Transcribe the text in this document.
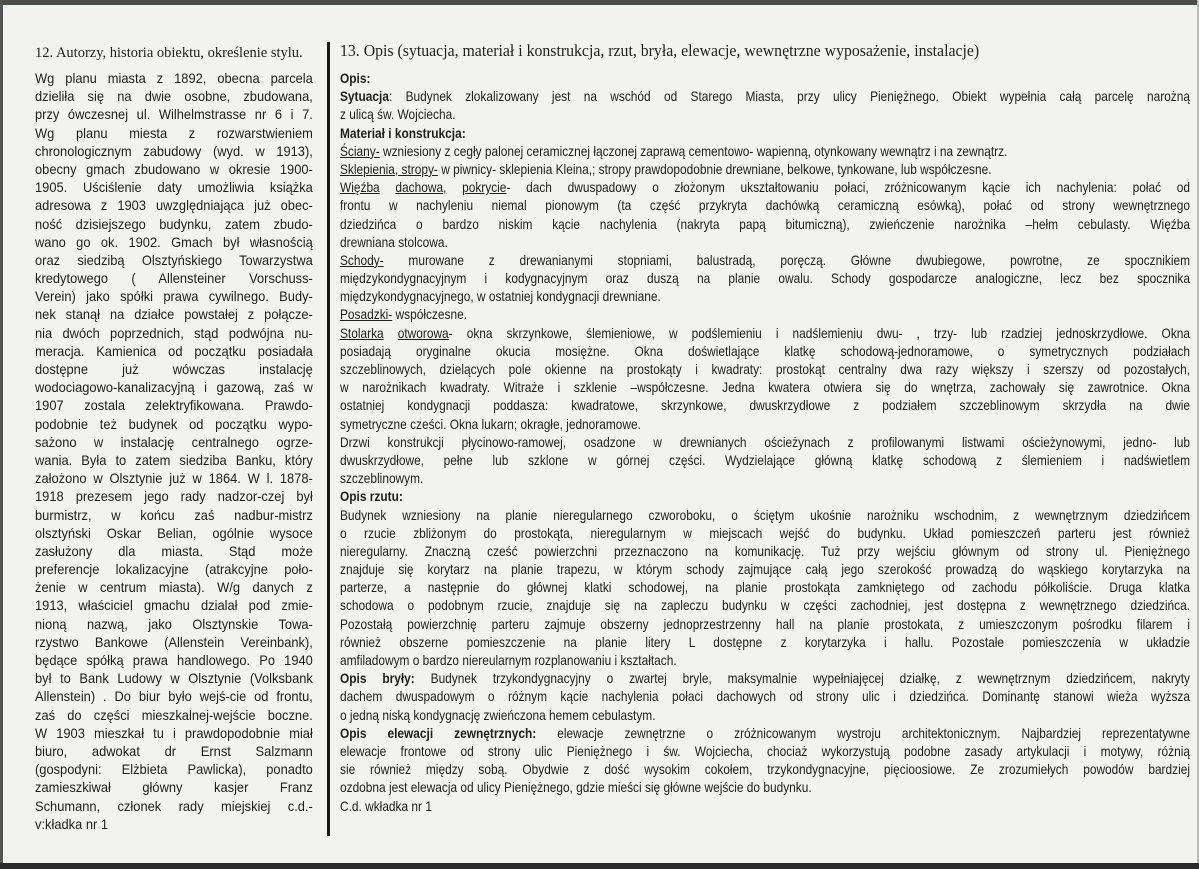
12. Autorzy, historia obiektu, określenie stylu.
Wg planu miasta z 1892, obecna parcela
dzieliła się na dwie osobne, zbudowana,
przy ówczesnej ul. Wilhelmstrasse nr 6 i 7.
Wg planu miesta z rozwarstwieniem
chronologicznym zabudowy (wyd. w 1913),
obecny gmach zbudowano w okresie 1900-
1905. Uściślenie daty umożliwia książka
adresowa z 1903 uwzględniająca już obec-
ność dzisiejszego budynku, zatem zbudo-
wano go ok. 1902. Gmach był własnością
oraz siedzibą Olsztyńskiego Towarzystwa
kredytowego ( Allensteiner Vorschuss-
Verein) jako spółki prawa cywilnego. Budy-
nek stanął na działce powstałej z połącze-
nia dwóch poprzednich, stąd podwójna nu-
meracja. Kamienica od początku posiadała
dostępne już wówczas instalację
wodociagowo-kanalizacyjną i gazową, zaś w
1907 zostala zelektryfikowana. Prawdo-
podobnie też budynek od początku wypo-
sażono w instalację centralnego ogrze-
wania. Była to zatem siedziba Banku, który
założono w Olsztynie już w 1864. W l. 1878-
1918 prezesem jego rady nadzor-czej był
burmistrz, w końcu zaś nadbur-mistrz
olsztyński Oskar Belian, ogólnie wysoce
zasłużony dla miasta. Stąd może
preferencje lokalizacyjne (atrakcyjne poło-
żenie w centrum miasta). W/g danych z
1913, właściciel gmachu dzialał pod zmie-
nioną nazwą, jako Olsztynskie Towa-
rzystwo Bankowe (Allenstein Vereinbank),
będące spółką prawa handlowego. Po 1940
był to Bank Ludowy w Olsztynie (Volksbank
Allenstein) . Do biur było wejś-cie od frontu,
zaś do części mieszkalnej-wejście boczne.
W 1903 mieszkał tu i prawdopodobnie miał
biuro, adwokat dr Ernst Salzmann
(gospodyni: Elżbieta Pawlicka), ponadto
zamieszkiwał główny kasjer Franz
Schumann, członek rady miejskiej c.d.-
v:kładka nr 1
13. Opis (sytuacja, materiał i konstrukcja, rzut, bryła, elewacje, wewnętrzne wyposażenie, instalacje)
Opis:
Sytuacja: Budynek zlokalizowany jest na wschód od Starego Miasta, przy ulicy Pieniężnego. Obiekt wypełnia całą parcelę narożną
z ulicą św. Wojciecha.
Materiał i konstrukcja:
Ściany- wzniesiony z cegły palonej ceramicznej łączonej zaprawą cementowo- wapienną, otynkowany wewnątrz i na zewnątrz.
Sklepienia, stropy- w piwnicy- sklepienia Kleina,; stropy prawdopodobnie drewniane, belkowe, tynkowane, lub współczesne.
Więźba dachowa, pokrycie- dach dwuspadowy o złożonym ukształtowaniu połaci, zróżnicowanym kącie ich nachylenia: połać od
frontu w nachyleniu niemal pionowym (ta część przykryta dachówką ceramiczną esówką), połać od strony wewnętrznego
dziedzińca o bardzo niskim kącie nachylenia (nakryta papą bitumiczną), zwieńczenie narożnika –hełm cebulasty. Więźba
drewniana stolcowa.
Schody- murowane z drewanianymi stopniami, balustradą, poręczą. Główne dwubiegowe, powrotne, ze spocznikiem
międzykondygnacyjnym i kodygnacyjnym oraz duszą na planie owalu. Schody gospodarcze analogiczne, lecz bez spocznika
międzykondygnacyjnego, w ostatniej kondygnacji drewniane.
Posadzki- współczesne.
Stolarka otworowa- okna skrzynkowe, ślemieniowe, w podślemieniu i nadślemieniu dwu- , trzy- lub rzadziej jednoskrzydłowe. Okna
posiadają oryginalne okucia mosiężne. Okna doświetlające klatkę schodową-jednoramowe, o symetrycznych podziałach
szczeblinowych, dzielących pole okienne na prostokąty i kwadraty: prostokąt centralny dwa razy większy i szerszy od pozostałych,
w narożnikach kwadraty. Witraże i szklenie –współczesne. Jedna kwatera otwiera się do wnętrza, zachowały się zawrotnice. Okna
ostatniej kondygnacji poddasza: kwadratowe, skrzynkowe, dwuskrzydłowe z podziałem szczeblinowym skrzydła na dwie
symetryczne cześci. Okna lukarn; okragłe, jednoramowe.
Drzwi konstrukcji płycinowo-ramowej, osadzone w drewnianych ościeżynach z profilowanymi listwami ościeżynowymi, jedno- lub
dwuskrzydłowe, pełne lub szklone w górnej części. Wydzielające główną klatkę schodową z ślemieniem i nadświetlem
szczeblinowym.
Opis rzutu:
Budynek wzniesiony na planie nieregularnego czworoboku, o ściętym ukośnie narożniku wschodnim, z wewnętrznym dziedzińcem
o rzucie zbliżonym do prostokąta, nieregularnym w miejscach wejść do budynku. Układ pomieszczeń parteru jest również
nieregularny. Znaczną cześć powierzchni przeznaczono na komunikację. Tuż przy wejściu głównym od strony ul. Pieniężnego
znajduje się korytarz na planie trapezu, w którym schody zajmujące całą jego szerokość prowadzą do wąskiego korytarzyka na
parterze, a następnie do głównej klatki schodowej, na planie prostokąta zamkniętego od zachodu półkoliście. Druga klatka
schodowa o podobnym rzucie, znajduje się na zapleczu budynku w części zachodniej, jest dostępna z wewnętrznego dziedzińca.
Pozostałą powierzchnię parteru zajmuje obszerny jednoprzestrzenny hall na planie prostokata, z umieszczonym pośrodku filarem i
również obszerne pomieszczenie na planie litery L dostępne z korytarzyka i hallu. Pozostałe pomieszczenia w układzie
amfiladowym o bardzo niereularnym rozplanowaniu i kształtach.
Opis bryły: Budynek trzykondygnacyjny o zwartej bryle, maksymalnie wypełniajęcej działkę, z wewnętrznym dziedzińcem, nakryty
dachem dwuspadowym o różnym kącie nachylenia połaci dachowych od strony ulic i dziedzińca. Dominantę stanowi wieża wyższa
o jedną niską kondygnację zwieńczona hemem cebulastym.
Opis elewacji zewnętrznych: elewacje zewnętrzne o zróżnicowanym wystroju architektonicznym. Najbardziej reprezentatywne
elewacje frontowe od strony ulic Pieniężnego i św. Wojciecha, chociaż wykorzystują podobne zasady artykulacji i motywy, różnią
sie również między sobą. Obydwie z dość wysokim cokołem, trzykondygnacyjne, pięcioosiowe. Ze zrozumiełych powodów bardziej
ozdobna jest elewacja od ulicy Pieniężnego, gdzie mieści się główne wejście do budynku.
C.d. wkładka nr 1
